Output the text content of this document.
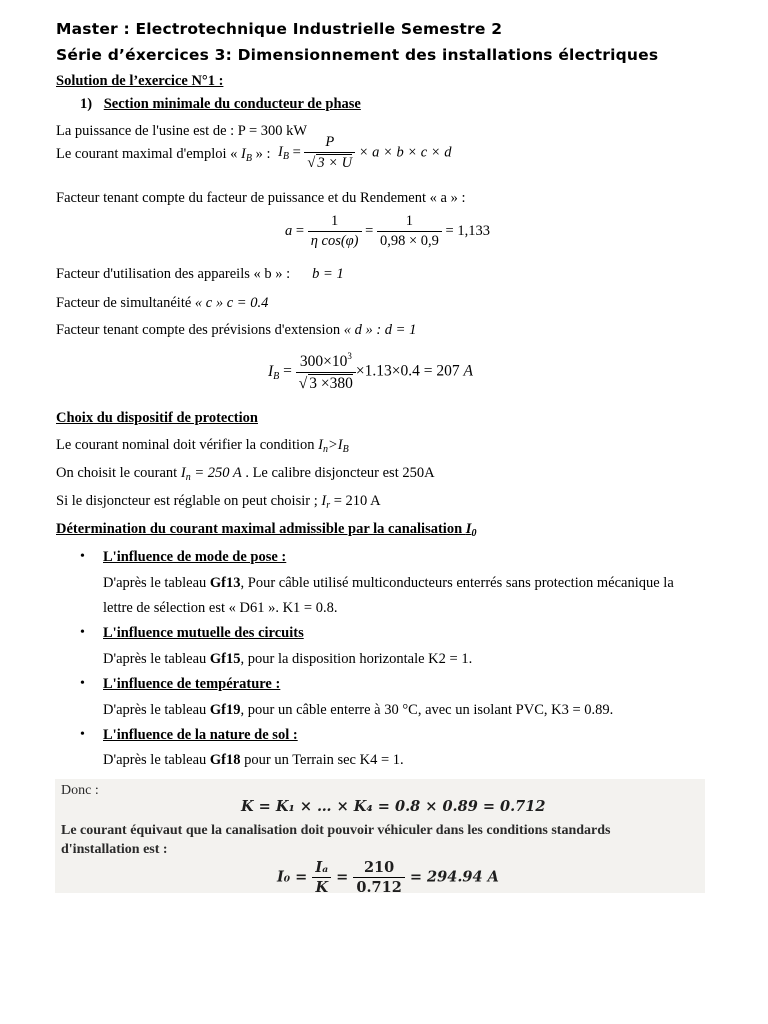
Master : Electrotechnique Industrielle Semestre 2
Série d’éxercices 3: Dimensionnement des installations électriques
Solution de l’exercice N°1 :
1) Section minimale du conducteur de phase
La puissance de l'usine est de : P = 300 kW
Le courant maximal d'emploi « $I_B$ » : $I_B = \frac{P}{√ 3 \times U} \times a \times b \times c \times d$
Facteur tenant compte du facteur de puissance et du Rendement « a » :
$a = \frac{1}{\text{η cos(φ)}} = \frac{1}{0,98 \times 0,9} = 1,133$
Facteur d'utilisation des appareils « b » : b = 1
Facteur de simultanéité « c » c = 0.4
Facteur tenant compte des prévisions d'extension « d » : d = 1
$I_B = \frac{300\times 10^3}{√ 3 \times 380} \times 1.13\times 0.4 = 207$ A
Choix du dispositif de protection
Le courant nominal doit vérifier la condition $I_n>I_B$
On choisit le courant $I_n = 250$ A . Le calibre disjoncteur est 250A
Si le disjoncteur est réglable on peut choisir ; $I_r = 210$ A
Détermination du courant maximal admissible par la canalisation $I_0$
• L'influence de mode de pose :
D'après le tableau Gf13, Pour câble utilisé multiconducteurs enterrés sans protection mécanique la
lettre de sélection est « D61 ». K1 = 0.8.
• L'influence mutuelle des circuits
D'après le tableau Gf15, pour la disposition horizontale K2 = 1.
• L'influence de température :
D'après le tableau Gf19, pour un câble enterre à 30 °C, avec un isolant PVC, K3 = 0.89.
• L'influence de la nature de sol :
D'après le tableau Gf18 pour un Terrain sec K4 = 1.
Donc :
K = K₁ × … × K₄ = 0.8 × 0.89 = 0.712
Le courant équivaut que la canalisation doit pouvoir véhiculer dans les conditions standards
d'installation est :
$I_0 = \frac{\text{Iₐ}}{K} = \frac{210}{0.712} = 294.94$ A
